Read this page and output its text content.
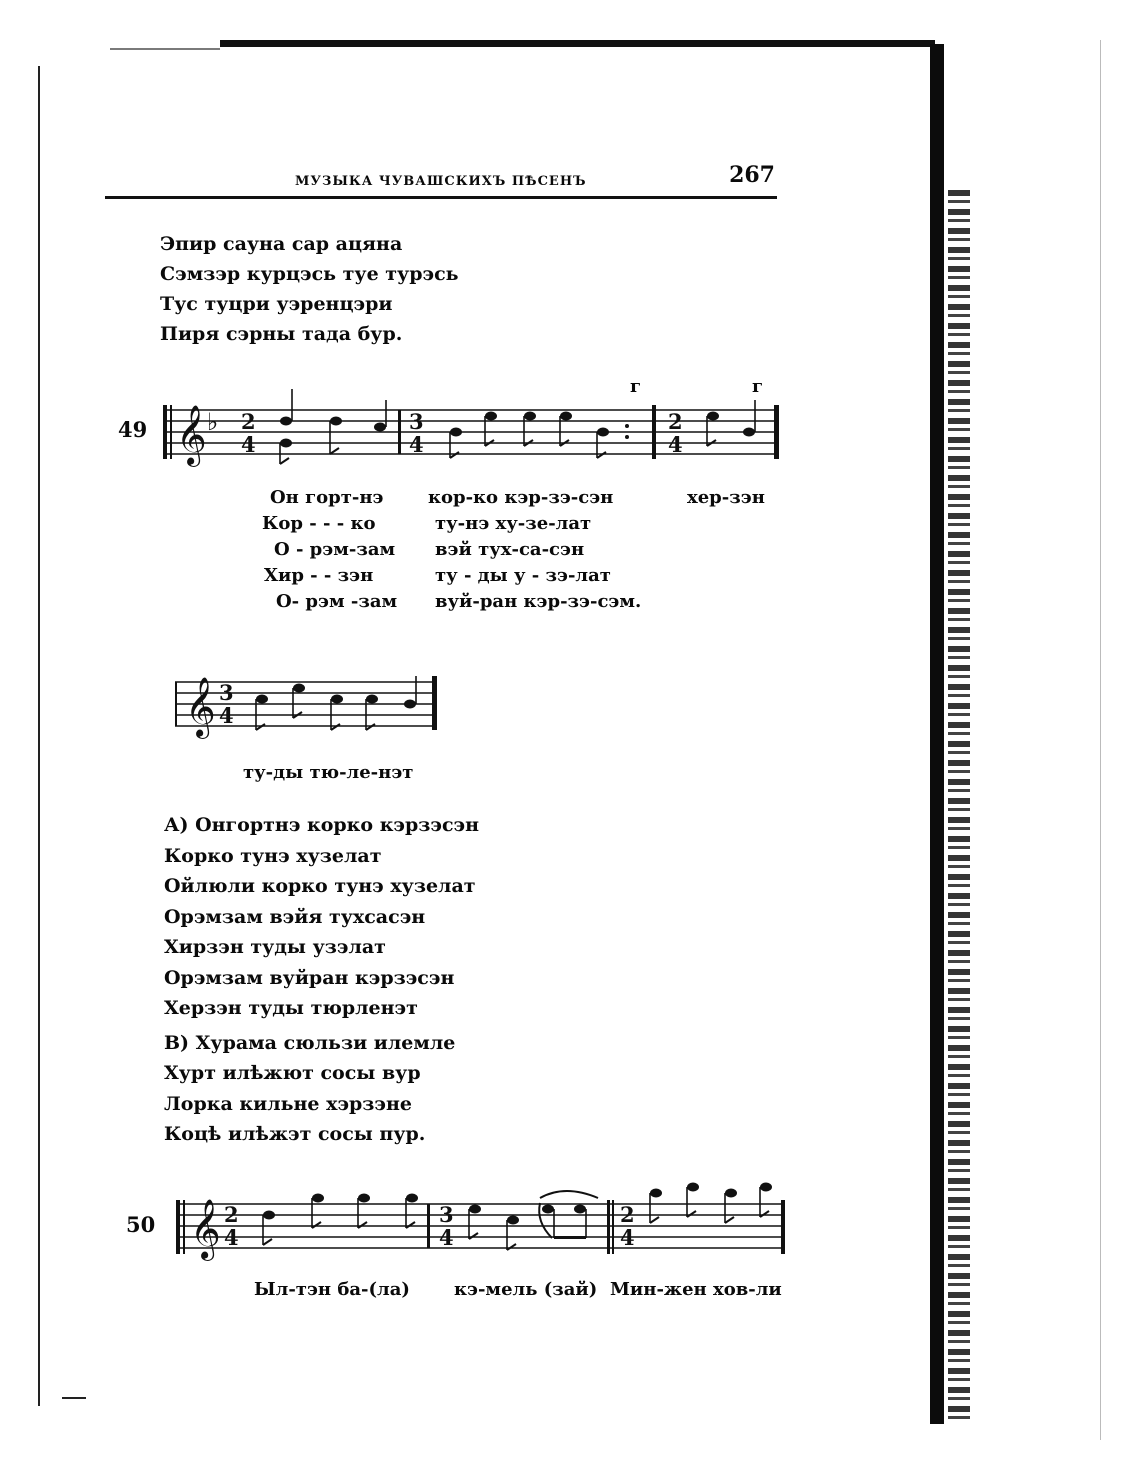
МУЗЫКА ЧУВАШСКИХЪ ПѢСЕНЪ	267
Эпир сауна сар ацяна
Сэмзэр курцэсь туе турэсь
Тус туцри уэренцэри
Пиря сэрны тада бур.
49 𝄞 ♭ 2
4
3
4
2
4
г	г
Он горт-нэ кор-ко кэр-зэ-сэн	хер-зэн
Кор - - - ко	ту-нэ ху-зе-лат
О - рэм-зам вэй тух-са-сэн
Хир - - зэн	ту - ды у - зэ-лат
О- рэм -зам вуй-ран кэр-зэ-сэм.
𝄞 3
4
ту-ды тю-ле-нэт
А) Онгортнэ корко кэрзэсэн
Корко тунэ хузелат
Ойлюли корко тунэ хузелат
Орэмзам вэйя тухсасэн
Хирзэн туды узэлат
Орэмзам вуйран кэрзэсэн
Херзэн туды тюрленэт
В) Хурама сюльзи илемле
Хурт илѣжют сосы вур
Лорка кильне хэрзэне
Коцѣ илѣжэт сосы пур.
50 𝄞 2
4
3
4
2
4
Ыл-тэн ба-(ла) кэ-мель (зай) Мин-жен хов-ли
